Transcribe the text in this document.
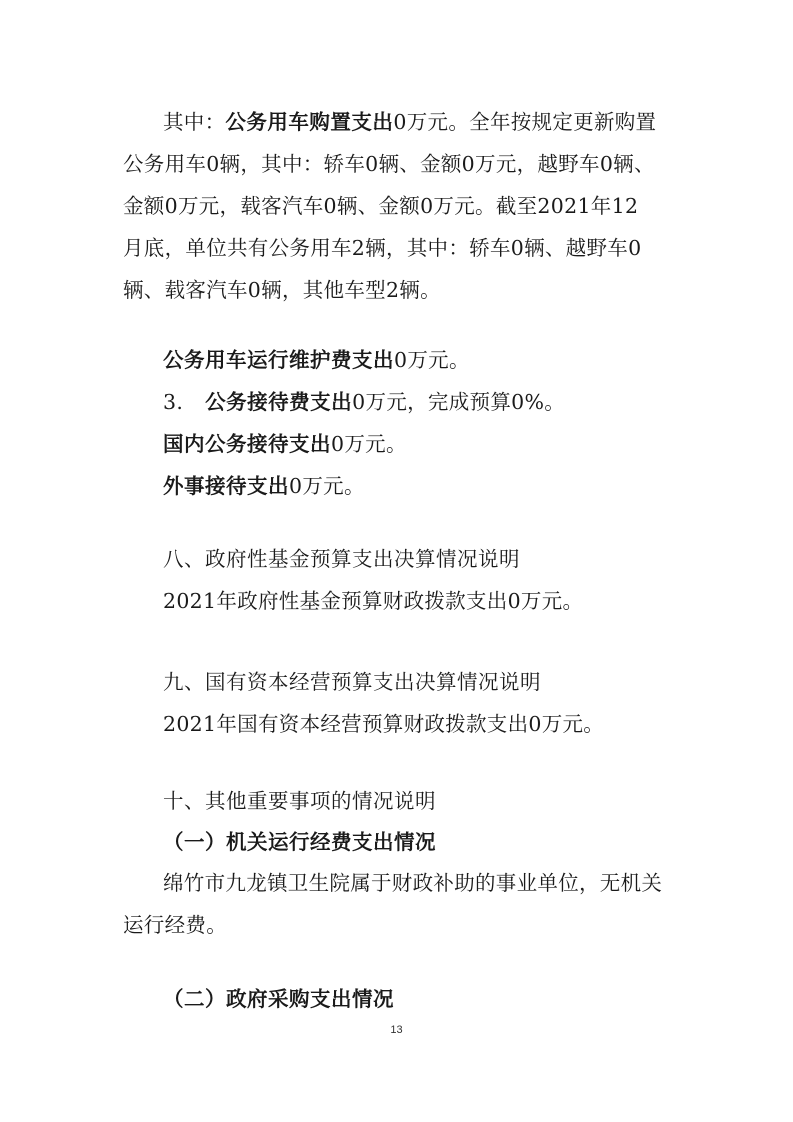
其中：公务用车购置支出0万元。全年按规定更新购置
公务用车0辆，其中：轿车0辆、金额0万元，越野车0辆、
金额0万元，载客汽车0辆、金额0万元。截至2021年12
月底，单位共有公务用车2辆，其中：轿车0辆、越野车0
辆、载客汽车0辆，其他车型2辆。
公务用车运行维护费支出0万元。
3. 公务接待费支出0万元，完成预算0%。
国内公务接待支出0万元。
外事接待支出0万元。
八、政府性基金预算支出决算情况说明
2021年政府性基金预算财政拨款支出0万元。
九、国有资本经营预算支出决算情况说明
2021年国有资本经营预算财政拨款支出0万元。
十、其他重要事项的情况说明
（一）机关运行经费支出情况
绵竹市九龙镇卫生院属于财政补助的事业单位，无机关
运行经费。
（二）政府采购支出情况
13
